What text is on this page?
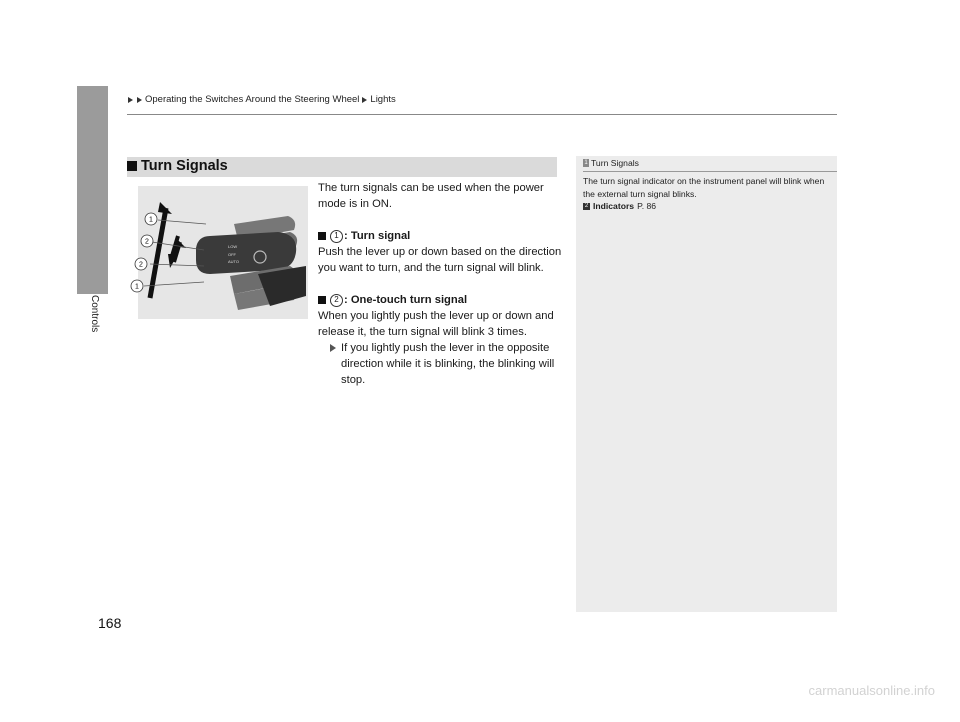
Controls
Operating the Switches Around the Steering Wheel Lights
Turn Signals
LOW
OFF
AUTO
1
2
2
1

The turn signals can be used when the power mode is in ON.

1 : Turn signal

Push the lever up or down based on the direction you want to turn, and the turn signal will blink.

2 : One-touch turn signal

When you lightly push the lever up or down and release it, the turn signal will blink 3 times.

If you lightly push the lever in the opposite direction while it is blinking, the blinking will stop.
1 Turn Signals

The turn signal indicator on the instrument panel will blink when the external turn signal blinks.

2 Indicators P. 86

168
carmanualsonline.info
